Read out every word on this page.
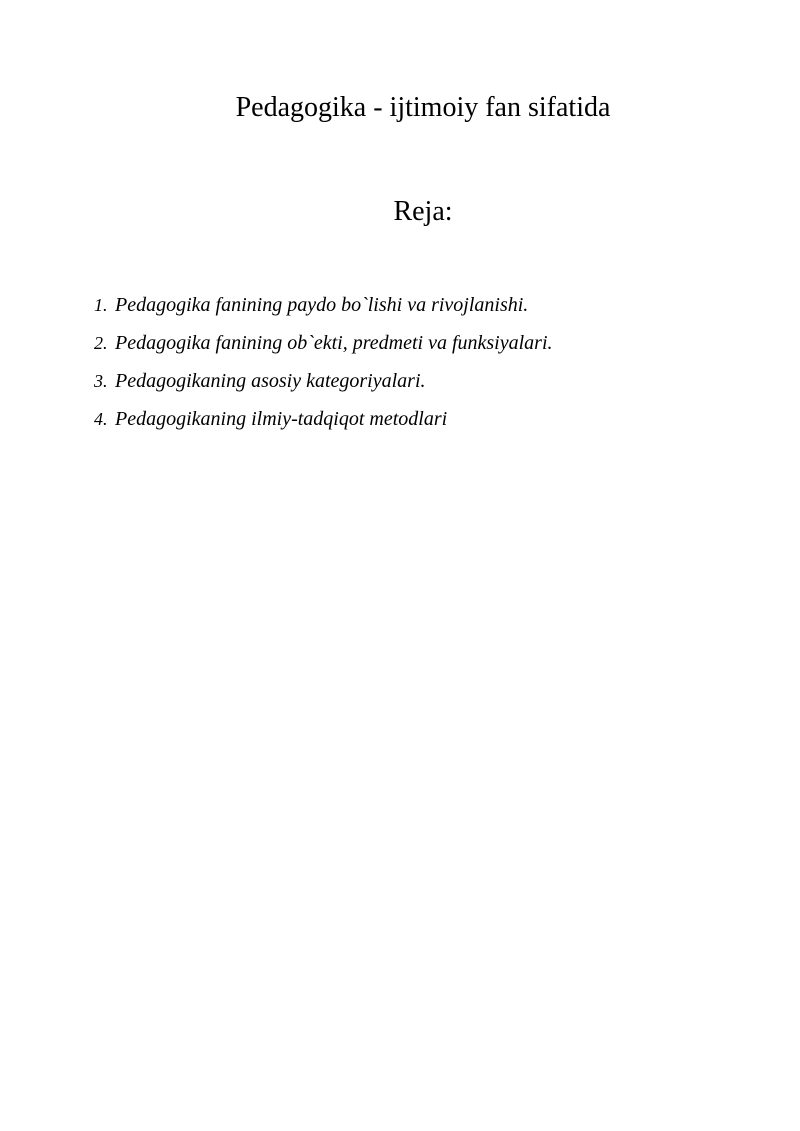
Pedagogika - ijtimoiy fan sifatida
Reja:
1. Pedagogika fanining paydo bo`lishi va rivojlanishi.
2. Pedagogika fanining ob`ekti, predmeti va funksiyalari.
3. Pedagogikaning asosiy kategoriyalari.
4. Pedagogikaning ilmiy-tadqiqot metodlari
